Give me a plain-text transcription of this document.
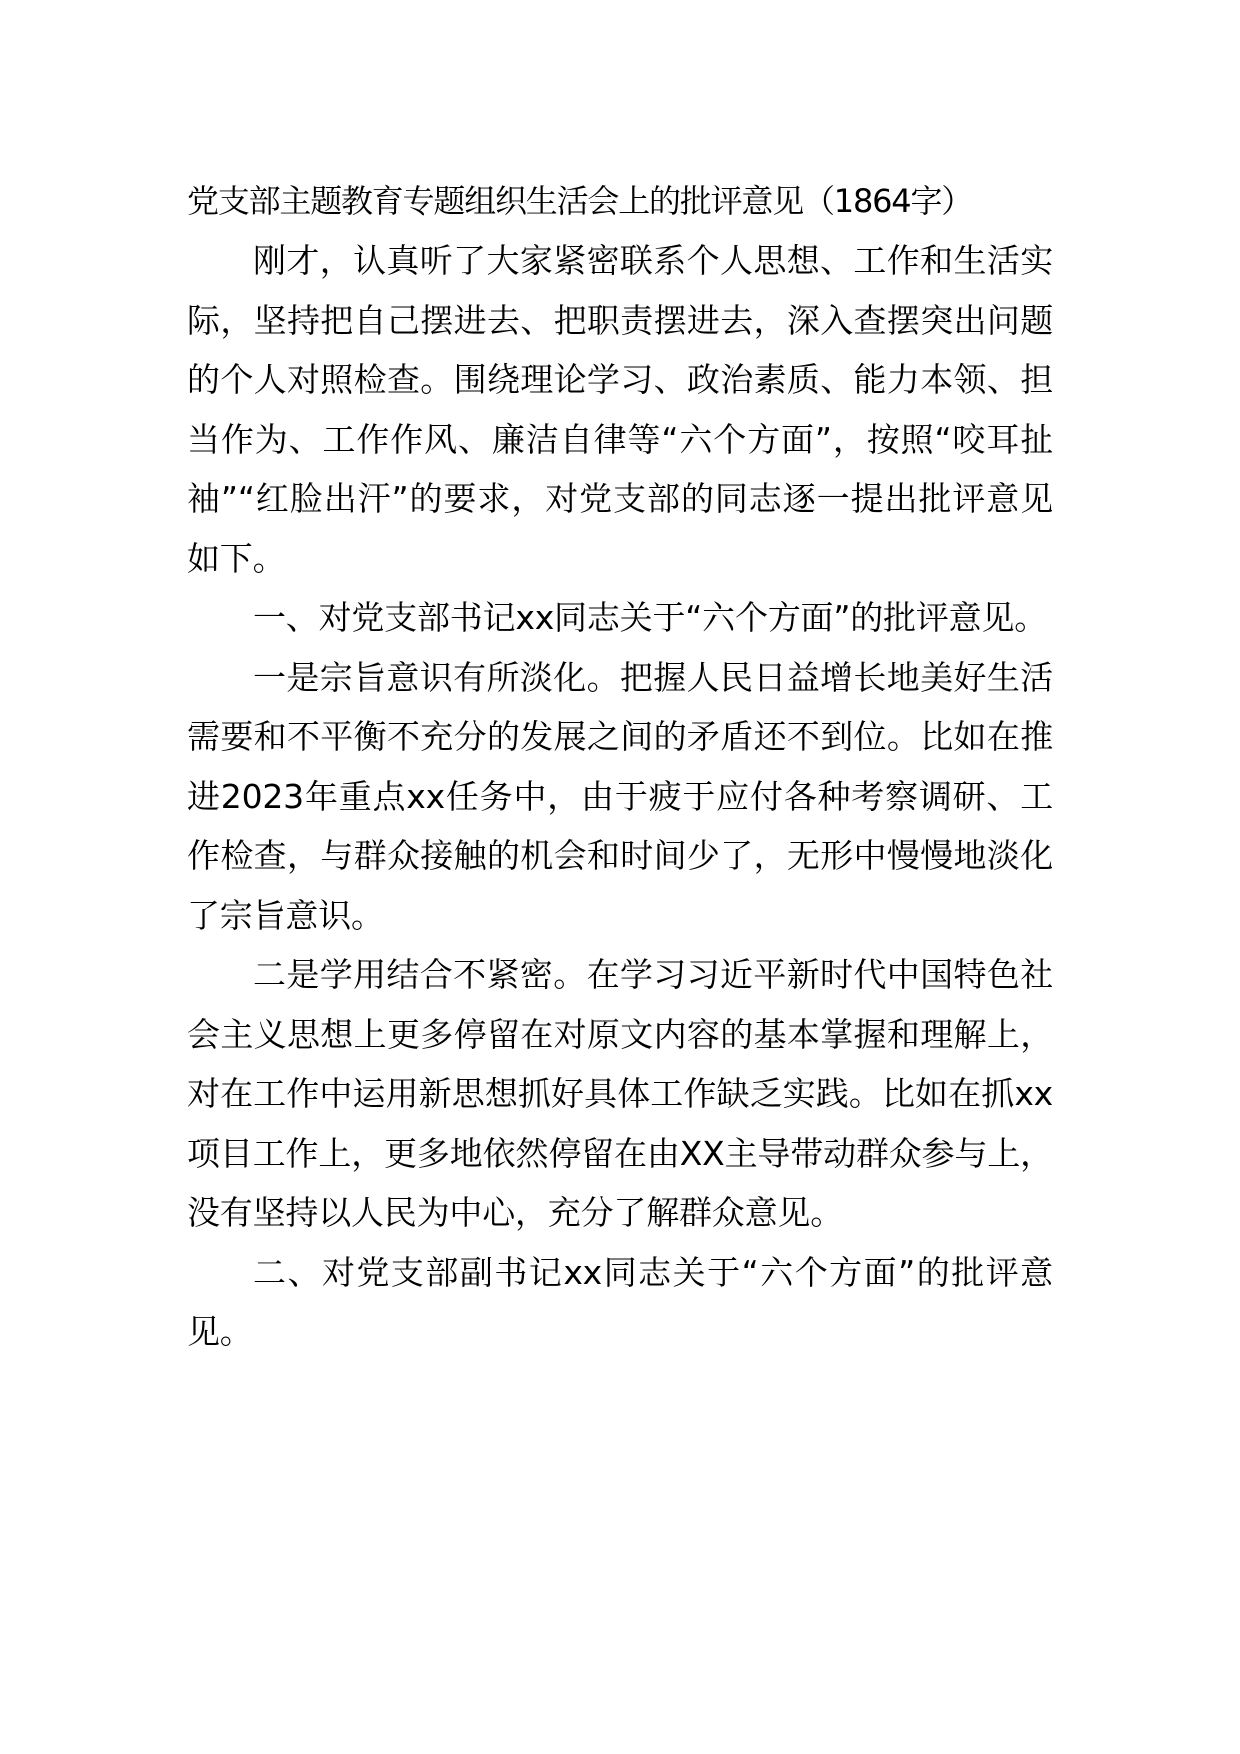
党支部主题教育专题组织生活会上的批评意见（1864字）

刚才，认真听了大家紧密联系个人思想、工作和生活实际，坚持把自己摆进去、把职责摆进去，深入查摆突出问题的个人对照检查。围绕理论学习、政治素质、能力本领、担当作为、工作作风、廉洁自律等“六个方面”，按照“咬耳扯袖”“红脸出汗”的要求，对党支部的同志逐一提出批评意见如下。

一、对党支部书记xx同志关于“六个方面”的批评意见。

一是宗旨意识有所淡化。把握人民日益增长地美好生活需要和不平衡不充分的发展之间的矛盾还不到位。比如在推进2023年重点xx任务中，由于疲于应付各种考察调研、工作检查，与群众接触的机会和时间少了，无形中慢慢地淡化了宗旨意识。

二是学用结合不紧密。在学习习近平新时代中国特色社会主义思想上更多停留在对原文内容的基本掌握和理解上，对在工作中运用新思想抓好具体工作缺乏实践。比如在抓xx项目工作上，更多地依然停留在由XX主导带动群众参与上，没有坚持以人民为中心，充分了解群众意见。

二、对党支部副书记xx同志关于“六个方面”的批评意见。
